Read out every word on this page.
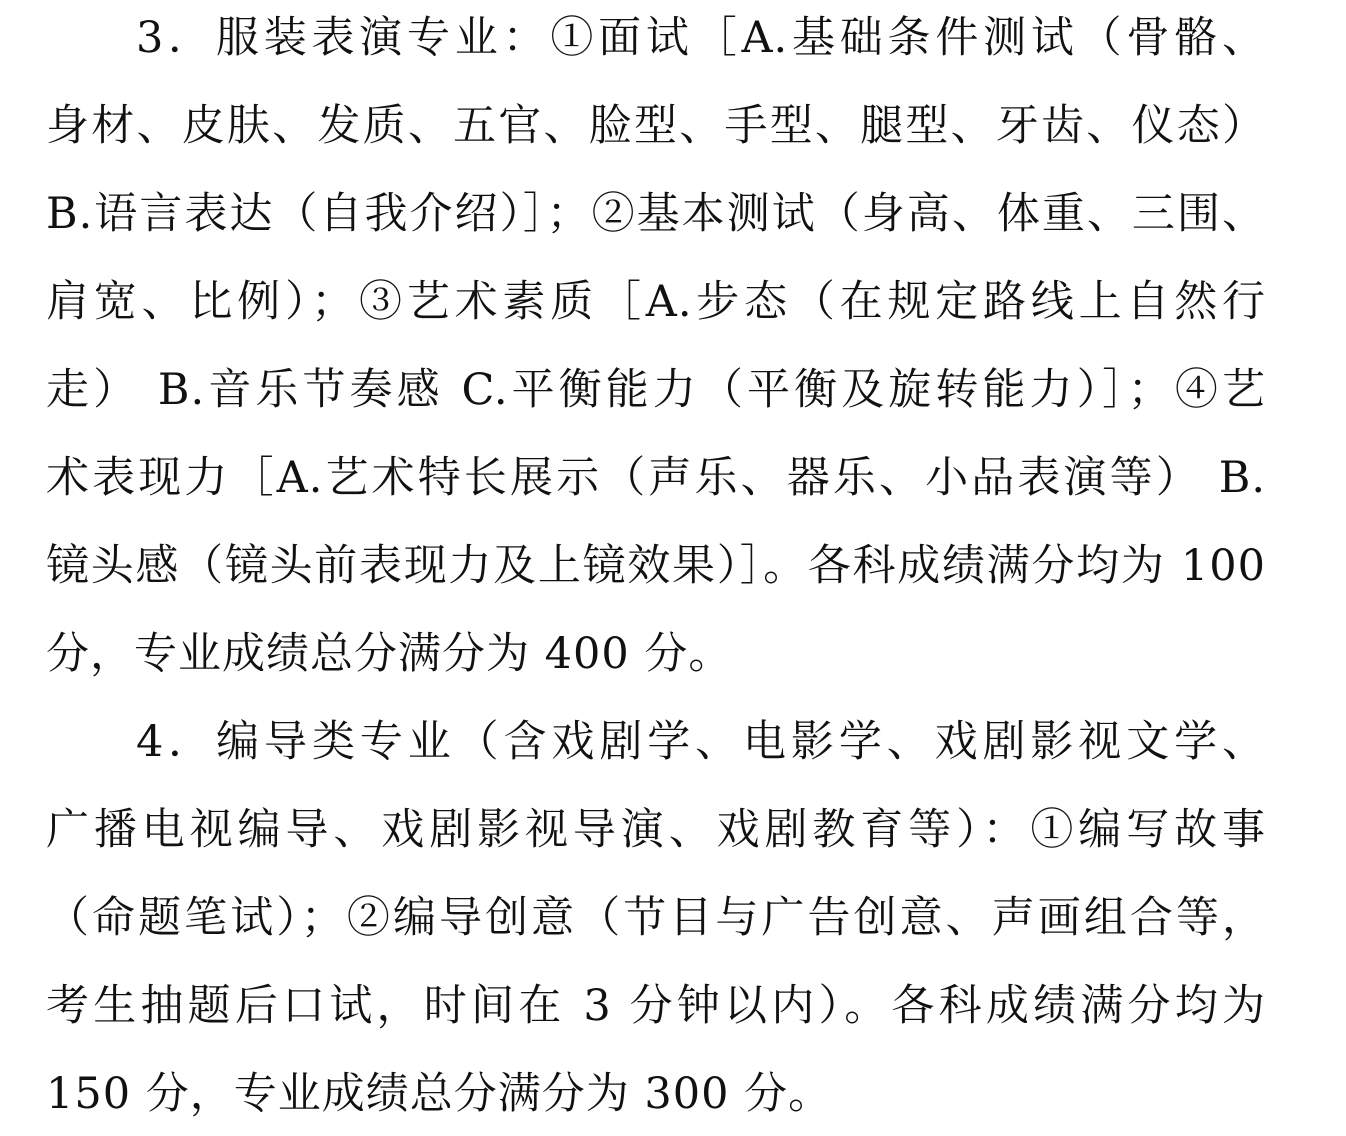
3．服装表演专业：①面试［A.基础条件测试（骨骼、
身材、皮肤、发质、五官、脸型、手型、腿型、牙齿、仪态）
B.语言表达（自我介绍）］；②基本测试（身高、体重、三围、
肩宽、比例）；③艺术素质［A.步态（在规定路线上自然行
走） B.音乐节奏感 C.平衡能力（平衡及旋转能力）］；④艺
术表现力［A.艺术特长展示（声乐、器乐、小品表演等） B.
镜头感（镜头前表现力及上镜效果）］。各科成绩满分均为 100
分，专业成绩总分满分为 400 分。
4．编导类专业（含戏剧学、电影学、戏剧影视文学、
广播电视编导、戏剧影视导演、戏剧教育等）：①编写故事
（命题笔试）；②编导创意（节目与广告创意、声画组合等，
考生抽题后口试，时间在 3 分钟以内）。各科成绩满分均为
150 分，专业成绩总分满分为 300 分。
